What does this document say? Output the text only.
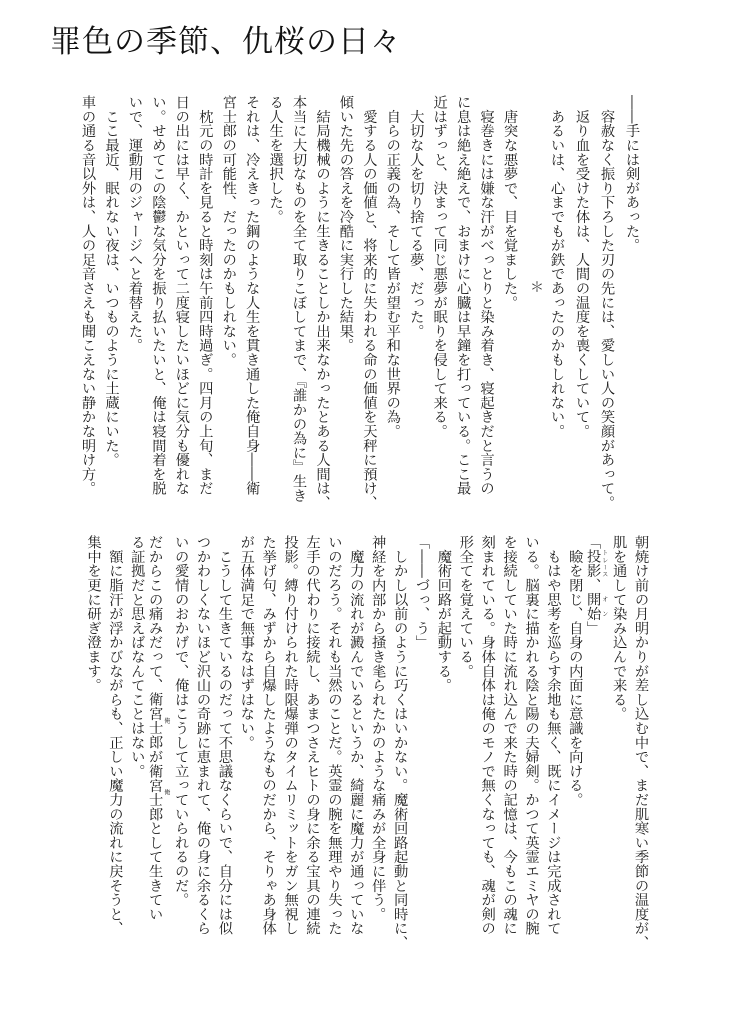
罪色の季節、仇桜の日々
――手には剣があった。
　容赦なく振り下ろした刃の先には、愛しい人の笑顔があって。
　返り血を受けた体は、人間の温度を喪くしていて。
　あるいは、心までもが鉄であったのかもしれない。
＊
　唐突な悪夢で、目を覚ました。
　寝巻きには嫌な汗がべっとりと染み着き、寝起きだと言うの
に息は絶え絶えで、おまけに心臓は早鐘を打っている。ここ最
近はずっと、決まって同じ悪夢が眠りを侵して来る。
　大切な人を切り捨てる夢、だった。
　自らの正義の為、そして皆が望む平和な世界の為。
　愛する人の価値と、将来的に失われる命の価値を天秤に預け、
傾いた先の答えを冷酷に実行した結果。
　結局機械のように生きることしか出来なかったとある人間は、
本当に大切なものを全て取りこぼしてまで、『誰かの為に』生き
る人生を選択した。
それは、冷えきった鋼のような人生を貫き通した俺自身――衛
宮士郎の可能性、だったのかもしれない。
　枕元の時計を見ると時刻は午前四時過ぎ。四月の上旬、まだ
日の出には早く、かといって二度寝したいほどに気分も優れな
い。せめてこの陰鬱な気分を振り払いたいと、俺は寝間着を脱
いで、運動用のジャージへと着替えた。
　ここ最近、眠れない夜は、いつものように土蔵にいた。
車の通る音以外は、人の足音さえも聞こえない静かな明け方。
朝焼け前の月明かりが差し込む中で、まだ肌寒い季節の温度が、
肌を通して染み込んで来る。
「投影 トレース、開始 オン」
　瞼を閉じ、自身の内面に意識を向ける。
　もはや思考を巡らす余地も無く、既にイメージは完成されて
いる。脳裏に描かれる陰と陽の夫婦剣。かつて英霊エミヤの腕
を接続していた時に流れ込んで来た時の記憶は、今もこの魂に
刻まれている。身体自体は俺のモノで無くなっても、魂が剣の
形全てを覚えている。
　魔術回路が起動する。
「――づっ、う」
　しかし以前のように巧くはいかない。魔術回路起動と同時に、
神経を内部から掻き毟られたかのような痛みが全身に伴う。
　魔力の流れが澱んでいるというか、綺麗に魔力が通っていな
いのだろう。それも当然のことだ。英霊の腕を無理やり失った
左手の代わりに接続し、あまつさえヒトの身に余る宝具の連続
投影。縛り付けられた時限爆弾のタイムリミットをガン無視し
た挙げ句、みずから自爆したようなものだから、そりゃあ身体
が五体満足で無事なはずはない。
　こうして生きているのだって不思議なくらいで、自分には似
つかわしくないほど沢山の奇跡に恵まれて、俺の身に余るくら
いの愛情のおかげで、俺はこうして立っていられるのだ。
だからこの痛みだって、衛宮士郎 俺が衛宮士郎 俺として生きてい
る証拠だと思えばなんてことはない。
　額に脂汗が浮かびながらも、正しい魔力の流れに戻そうと、
集中を更に研ぎ澄ます。
